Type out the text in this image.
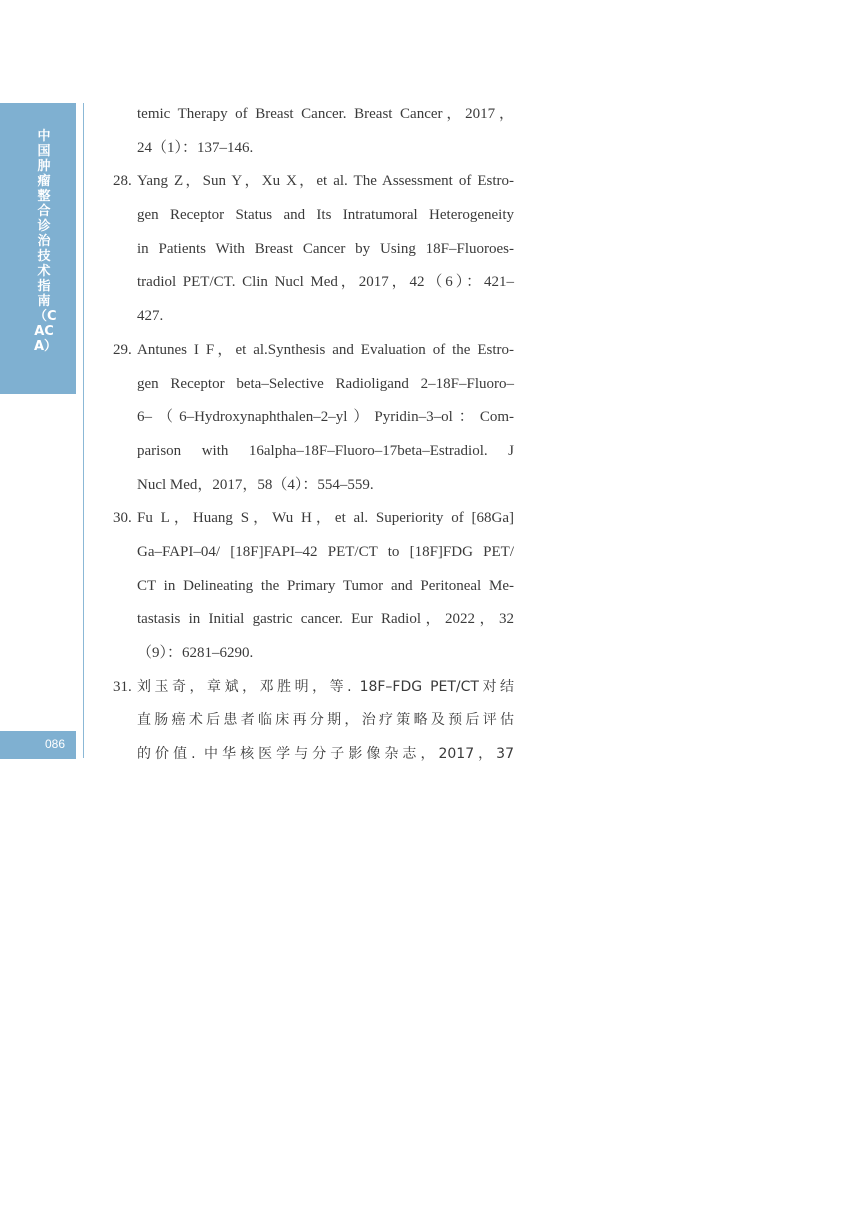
中国肿瘤整合诊治技术指南（CACA）
086
temic Therapy of Breast Cancer. Breast Cancer，2017，
24（1）：137–146.
28. Yang Z，Sun Y，Xu X，et al. The Assessment of Estro-
gen Receptor Status and Its Intratumoral Heterogeneity
in Patients With Breast Cancer by Using 18F–Fluoroes-
tradiol PET/CT. Clin Nucl Med，2017，42（6）：421–
427.
29. Antunes I F，et al.Synthesis and Evaluation of the Estro-
gen Receptor beta–Selective Radioligand 2–18F–Fluoro–
6–（6–Hydroxynaphthalen–2–yl）Pyridin–3–ol：Com-
parison with 16alpha–18F–Fluoro–17beta–Estradiol. J
Nucl Med，2017，58（4）：554–559.
30. Fu L，Huang S，Wu H，et al. Superiority of [68Ga]
Ga–FAPI–04/ [18F]FAPI–42 PET/CT to [18F]FDG PET/
CT in Delineating the Primary Tumor and Peritoneal Me-
tastasis in Initial gastric cancer. Eur Radiol，2022，32
（9）：6281–6290.
31. 刘玉奇，章斌，邓胜明，等. 18F–FDG PET/CT对结
直肠癌术后患者临床再分期，治疗策略及预后评估
的价值. 中华核医学与分子影像杂志，2017，37
